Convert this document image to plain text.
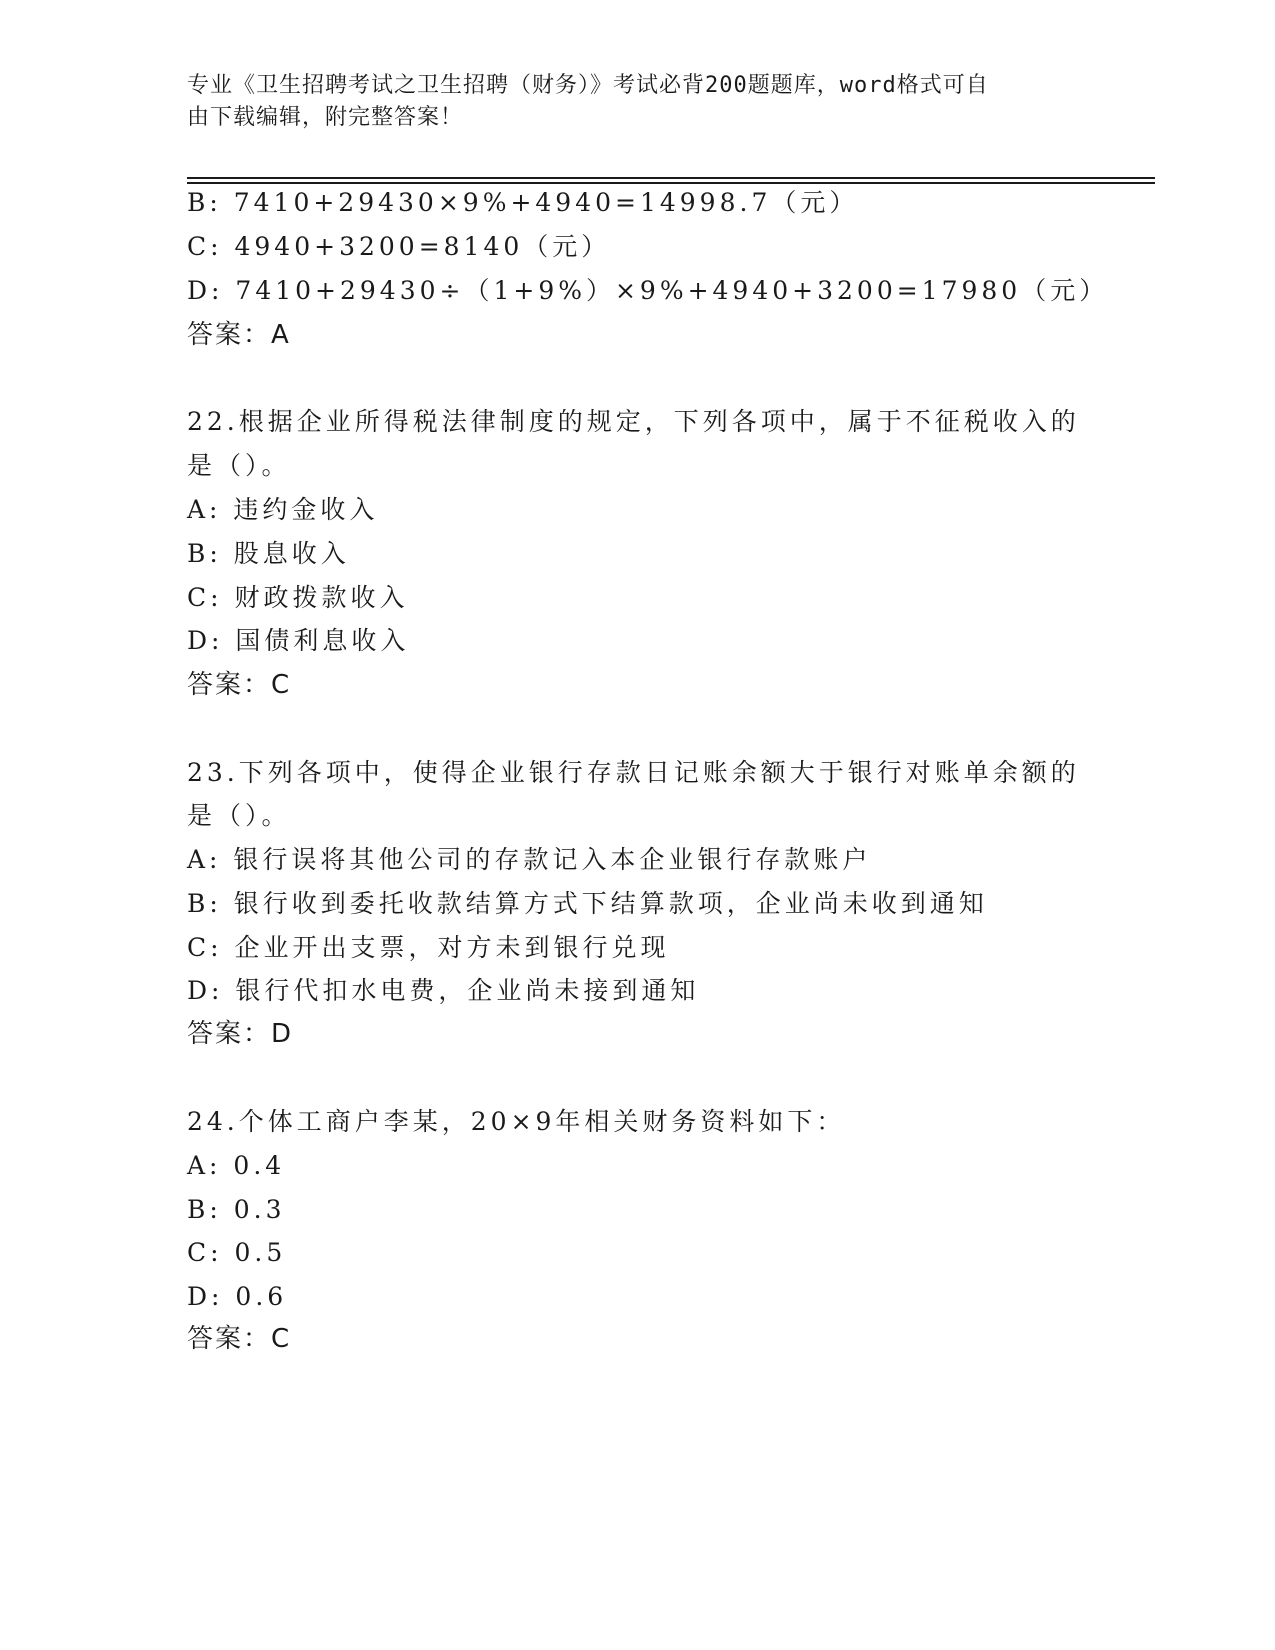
专业《卫生招聘考试之卫生招聘（财务）》考试必背200题题库，word格式可自
由下载编辑，附完整答案！
B: 7410+29430×9%+4940=14998.7（元）
C: 4940+3200=8140（元）
D: 7410+29430÷（1+9%）×9%+4940+3200=17980（元）
答案：A
22.根据企业所得税法律制度的规定，下列各项中，属于不征税收入的
是（）。
A: 违约金收入
B: 股息收入
C: 财政拨款收入
D: 国债利息收入
答案：C
23.下列各项中，使得企业银行存款日记账余额大于银行对账单余额的
是（）。
A: 银行误将其他公司的存款记入本企业银行存款账户
B: 银行收到委托收款结算方式下结算款项，企业尚未收到通知
C: 企业开出支票，对方未到银行兑现
D: 银行代扣水电费，企业尚未接到通知
答案：D
24.个体工商户李某，20×9年相关财务资料如下：
A: 0.4
B: 0.3
C: 0.5
D: 0.6
答案：C
